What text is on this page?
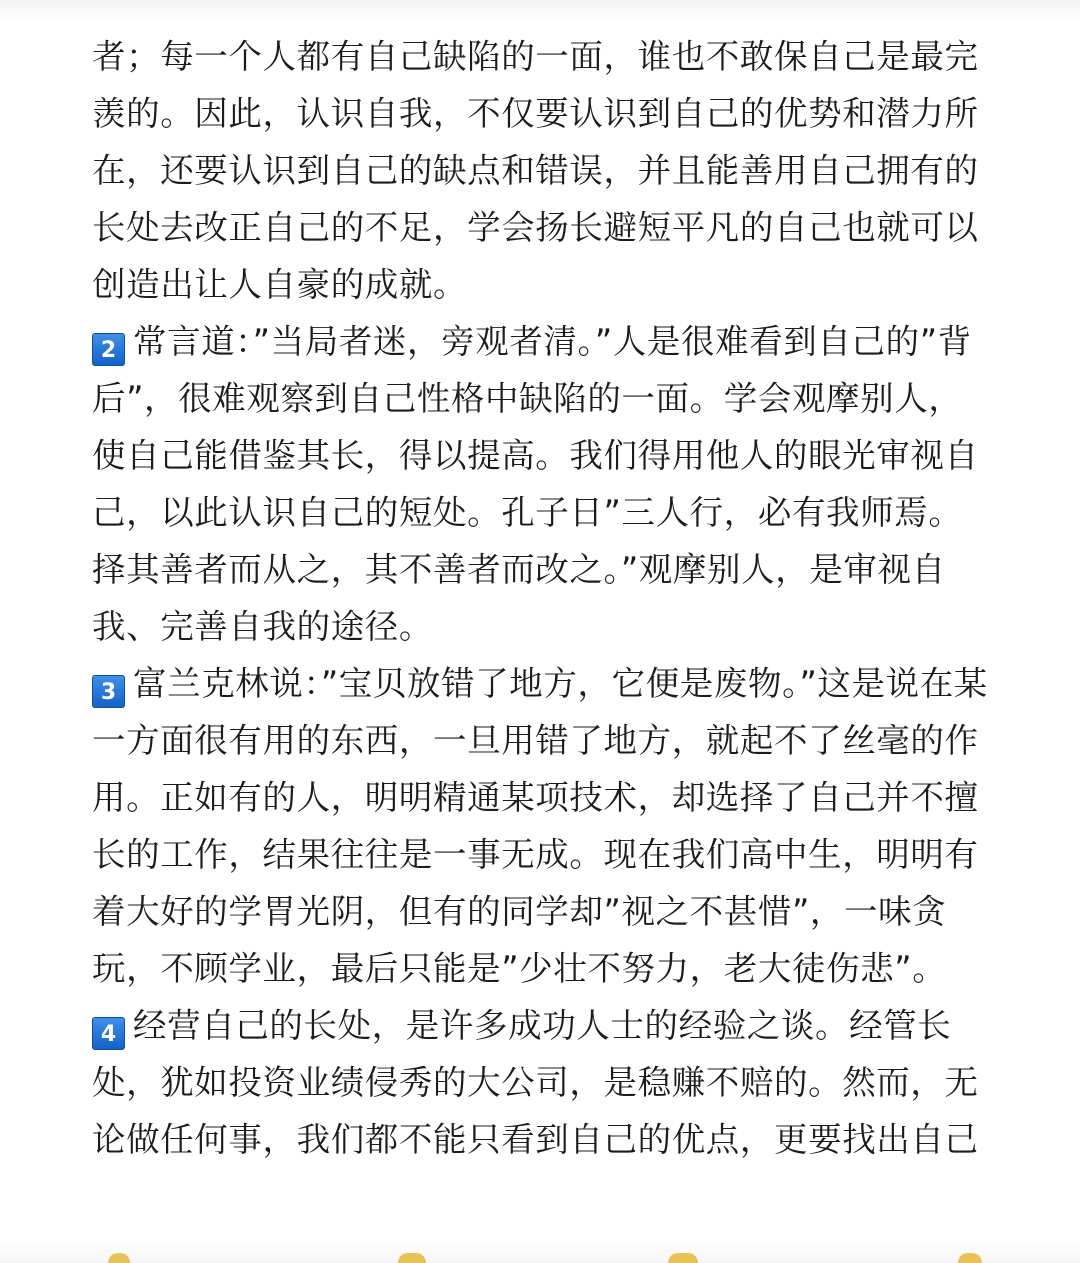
者；每一个人都有自己缺陷的一面，谁也不敢保自己是最完羡的。因此，认识自我，不仅要认识到自己的优势和潜力所在，还要认识到自己的缺点和错误，并且能善用自己拥有的长处去改正自己的不足，学会扬长避短平凡的自己也就可以创造出让人自豪的成就。

2 常言道：”当局者迷，旁观者清。”人是很难看到自己的”背后”，很难观察到自己性格中缺陷的一面。学会观摩别人，使自己能借鉴其长，得以提高。我们得用他人的眼光审视自己，以此认识自己的短处。孔子日”三人行，必有我师焉。择其善者而从之，其不善者而改之。”观摩别人，是审视自我、完善自我的途径。

3 富兰克林说：”宝贝放错了地方，它便是废物。”这是说在某一方面很有用的东西，一旦用错了地方，就起不了丝毫的作用。正如有的人，明明精通某项技术，却选择了自己并不擅长的工作，结果往往是一事无成。现在我们高中生，明明有着大好的学胃光阴，但有的同学却”视之不甚惜”，一味贪玩，不顾学业，最后只能是”少壮不努力，老大徒伤悲”。

4 经营自己的长处，是许多成功人士的经验之谈。经管长处，犹如投资业绩侵秀的大公司，是稳赚不赔的。然而，无论做任何事，我们都不能只看到自己的优点，更要找出自己
